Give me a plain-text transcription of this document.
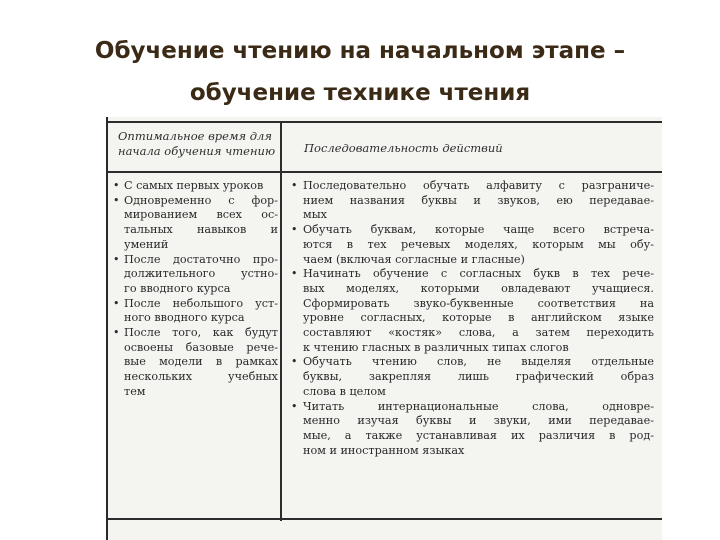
Обучение чтению на начальном этапе –
обучение технике чтения
Оптимальное время для
начала обучения чтению	Последовательность действий
• С самых первых уроков
• Одновременно с фор-
мированием всех ос-
тальных навыков и
умений
• После достаточно про-
должительного устно-
го вводного курса
• После небольшого уст-
ного вводного курса
• После того, как будут
освоены базовые рече-
вые модели в рамках
нескольких учебных
тем
• Последовательно обучать алфавиту с разграниче-
нием названия буквы и звуков, ею передавае-
мых
• Обучать буквам, которые чаще всего встреча-
ются в тех речевых моделях, которым мы обу-
чаем (включая согласные и гласные)
• Начинать обучение с согласных букв в тех рече-
вых моделях, которыми овладевают учащиеся.
Сформировать звуко-буквенные соответствия на
уровне согласных, которые в английском языке
составляют «костяк» слова, а затем переходить
к чтению гласных в различных типах слогов
• Обучать чтению слов, не выделяя отдельные
буквы, закрепляя лишь графический образ
слова в целом
• Читать интернациональные слова, одновре-
менно изучая буквы и звуки, ими передавае-
мые, а также устанавливая их различия в род-
ном и иностранном языках
